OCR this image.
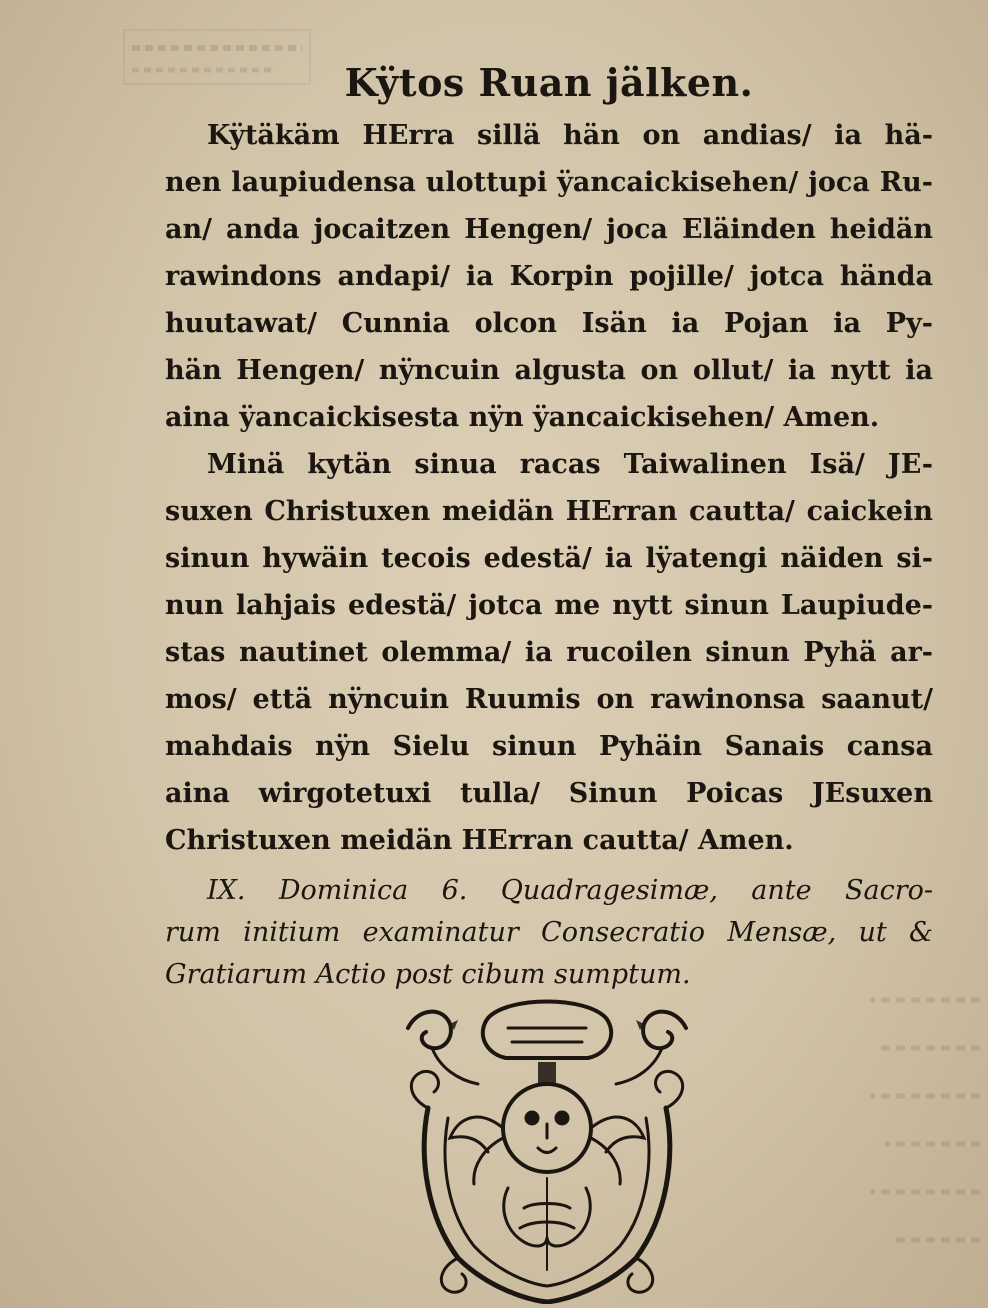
Kÿtos Ruan jälken.
Kÿtäkäm HErra sillä hän on andias/ ia hä-
nen laupiudensa ulottupi ÿancaickisehen/ joca Ru-
an/ anda jocaitzen Hengen/ joca Eläinden heidän
rawindons andapi/ ia Korpin pojille/ jotca hända
huutawat/ Cunnia olcon Isän ia Pojan ia Py-
hän Hengen/ nÿncuin algusta on ollut/ ia nytt ia
aina ÿancaickisesta nÿn ÿancaickisehen/ Amen.
Minä kytän sinua racas Taiwalinen Isä/ JE-
suxen Christuxen meidän HErran cautta/ caickein
sinun hywäin tecois edestä/ ia lÿatengi näiden si-
nun lahjais edestä/ jotca me nytt sinun Laupiude-
stas nautinet olemma/ ia rucoilen sinun Pyhä ar-
mos/ että nÿncuin Ruumis on rawinonsa saanut/
mahdais nÿn Sielu sinun Pyhäin Sanais cansa
aina wirgotetuxi tulla/ Sinun Poicas JEsuxen
Christuxen meidän HErran cautta/ Amen.
IX. Dominica 6. Quadragesimæ, ante Sacro-
rum initium examinatur Consecratio Mensæ, ut &
Gratiarum Actio post cibum sumptum.
